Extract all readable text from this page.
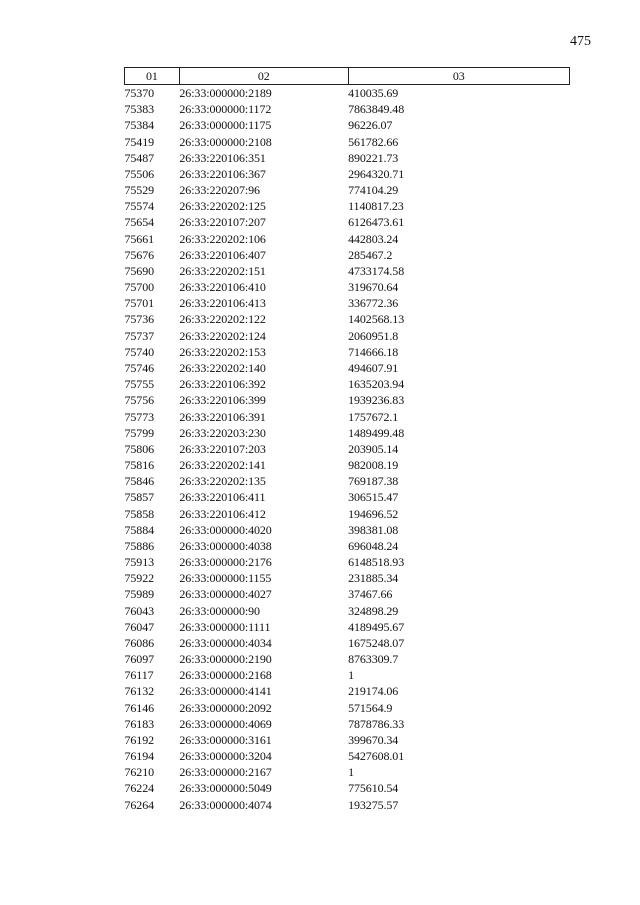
475
01	02	03
75370	26:33:000000:2189	410035.69
75383	26:33:000000:1172	7863849.48
75384	26:33:000000:1175	96226.07
75419	26:33:000000:2108	561782.66
75487	26:33:220106:351	890221.73
75506	26:33:220106:367	2964320.71
75529	26:33:220207:96	774104.29
75574	26:33:220202:125	1140817.23
75654	26:33:220107:207	6126473.61
75661	26:33:220202:106	442803.24
75676	26:33:220106:407	285467.2
75690	26:33:220202:151	4733174.58
75700	26:33:220106:410	319670.64
75701	26:33:220106:413	336772.36
75736	26:33:220202:122	1402568.13
75737	26:33:220202:124	2060951.8
75740	26:33:220202:153	714666.18
75746	26:33:220202:140	494607.91
75755	26:33:220106:392	1635203.94
75756	26:33:220106:399	1939236.83
75773	26:33:220106:391	1757672.1
75799	26:33:220203:230	1489499.48
75806	26:33:220107:203	203905.14
75816	26:33:220202:141	982008.19
75846	26:33:220202:135	769187.38
75857	26:33:220106:411	306515.47
75858	26:33:220106:412	194696.52
75884	26:33:000000:4020	398381.08
75886	26:33:000000:4038	696048.24
75913	26:33:000000:2176	6148518.93
75922	26:33:000000:1155	231885.34
75989	26:33:000000:4027	37467.66
76043	26:33:000000:90	324898.29
76047	26:33:000000:1111	4189495.67
76086	26:33:000000:4034	1675248.07
76097	26:33:000000:2190	8763309.7
76117	26:33:000000:2168	1
76132	26:33:000000:4141	219174.06
76146	26:33:000000:2092	571564.9
76183	26:33:000000:4069	7878786.33
76192	26:33:000000:3161	399670.34
76194	26:33:000000:3204	5427608.01
76210	26:33:000000:2167	1
76224	26:33:000000:5049	775610.54
76264	26:33:000000:4074	193275.57
